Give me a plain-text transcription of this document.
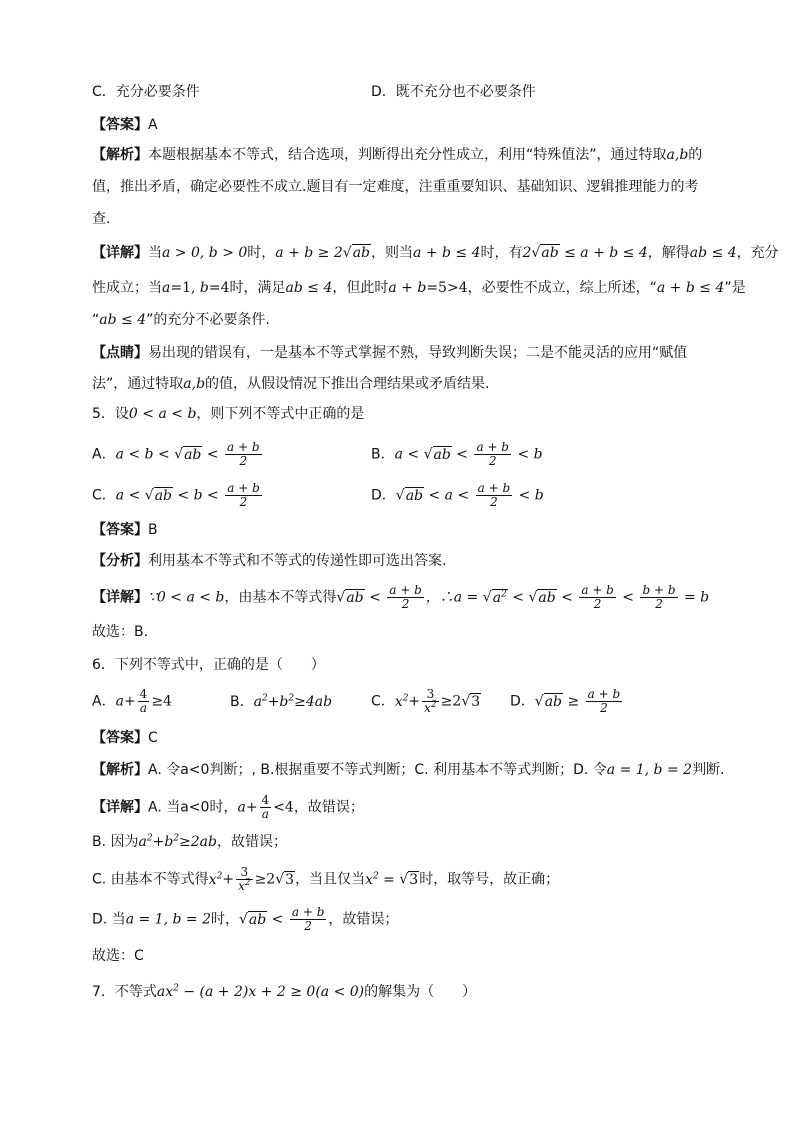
C．充分必要条件	D．既不充分也不必要条件
【答案】A
【解析】本题根据基本不等式，结合选项，判断得出充分性成立，利用“特殊值法”，通过特取a,b的
值，推出矛盾，确定必要性不成立.题目有一定难度，注重重要知识、基础知识、逻辑推理能力的考
查.
【详解】当a > 0, b > 0时，a + b ≥ 2√ab，则当a + b ≤ 4时，有2√ab ≤ a + b ≤ 4，解得ab ≤ 4，充分
性成立；当a=1, b=4时，满足ab ≤ 4，但此时a + b=5>4，必要性不成立，综上所述，“a + b ≤ 4”是
“ab ≤ 4”的充分不必要条件.
【点睛】易出现的错误有，一是基本不等式掌握不熟，导致判断失误；二是不能灵活的应用“赋值
法”，通过特取a,b的值，从假设情况下推出合理结果或矛盾结果.
5．设0 < a < b，则下列不等式中正确的是
A．$a < b < √ab < \frac{a + b}{2}$	B．$a < √ab < \frac{a + b}{2} < b$
C．$a < √ab < b < \frac{a + b}{2}$	D．$√ab < a < \frac{a + b}{2} < b$
【答案】B
【分析】利用基本不等式和不等式的传递性即可选出答案.
【详解】∵0 < a < b，由基本不等式得$√ab < \frac{a + b}{2}$ ，∴a = $√a^2 < √ab < \frac{a + b}{2} < \frac{b + b}{2} = b$
故选：B.
6．下列不等式中，正确的是（　　）
A．$a+ \frac{4}{a} \ge 4$	B．$a^2+b^2\ge 4ab$	C．$x^2+ \frac{3}{x^2} \ge 2√3$ D．$√ab \ge \frac{a + b}{2}$
【答案】C
【解析】A. 令a<0判断；, B.根据重要不等式判断；C. 利用基本不等式判断；D. 令a = 1, b = 2判断.
【详解】A. 当a<0时，$a+ \frac{4}{a} <4$，故错误；
B. 因为$a^2+b^2\ge 2ab$，故错误；
C. 由基本不等式得$x^2+ \frac{3}{x^2} \ge 2√3$，当且仅当$x^2 = √3$时，取等号，故正确；
D. 当a = 1, b = 2时，$√ab < \frac{a + b}{2}$ ，故错误；
故选：C
7．不等式$ax^2 - (a + 2)x + 2 \ge 0(a < 0)$的解集为（　　）
